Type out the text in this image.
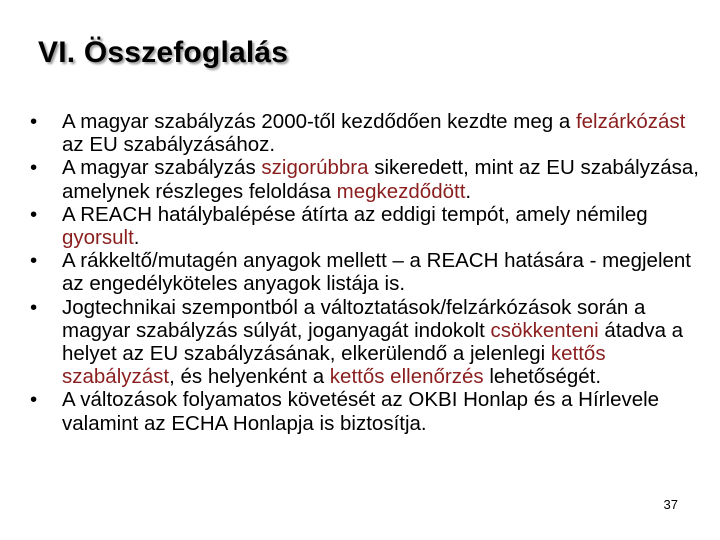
VI. Összefoglalás
• A magyar szabályzás 2000-től kezdődően kezdte meg a felzárkózást az EU szabályzásához.
• A magyar szabályzás szigorúbbra sikeredett, mint az EU szabályzása, amelynek részleges feloldása megkezdődött.
• A REACH hatálybalépése átírta az eddigi tempót, amely némileg gyorsult.
• A rákkeltő/mutagén anyagok mellett – a REACH hatására - megjelent az engedélyköteles anyagok listája is.
• Jogtechnikai szempontból a változtatások/felzárkózások során a magyar szabályzás súlyát, joganyagát indokolt csökkenteni átadva a helyet az EU szabályzásának, elkerülendő a jelenlegi kettős szabályzást, és helyenként a kettős ellenőrzés lehetőségét.
• A változások folyamatos követését az OKBI Honlap és a Hírlevele valamint az ECHA Honlapja is biztosítja.
37
